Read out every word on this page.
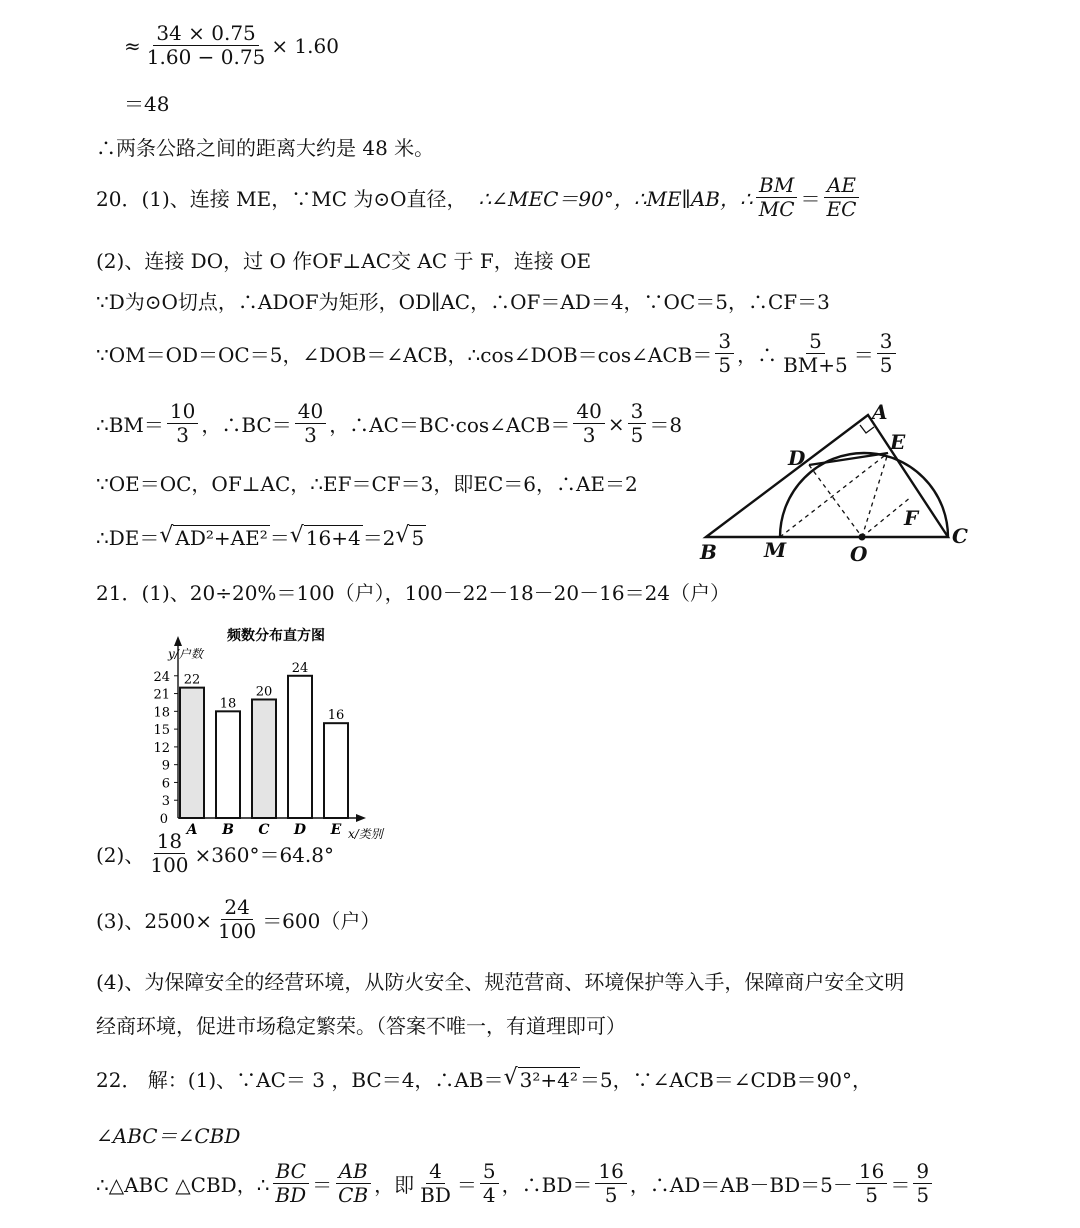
≈ $\frac{34 \times 0.75}{1.60 - 0.75} \times 1.60$
＝48
∴两条公路之间的距离大约是 48 米。
20．(1)、连接 ME，∵MC 为⊙O直径， ∴∠MEC＝90°，∴ME∥AB，∴ $\frac{BM}{MC} = \frac{AE}{EC}$
(2)、连接 DO，过 O 作OF⊥AC交 AC 于 F，连接 OE
∵D为⊙O切点，∴ADOF为矩形，OD∥AC，∴OF＝AD＝4，∵OC＝5，∴CF＝3
∵OM＝OD＝OC＝5，∠DOB＝∠ACB，∴cos∠DOB＝cos∠ACB＝ $\frac{3}{5}$ ，∴ $\frac{5}{BM+5} = \frac{3}{5}$
∴BM＝ $\frac{10}{3}$ ，∴BC＝ $\frac{40}{3}$ ，∴AC＝BC·cos∠ACB＝ $\frac{40}{3} \times \frac{3}{5} =8$
∵OE＝OC，OF⊥AC，∴EF＝CF＝3，即EC＝6，∴AE＝2
∴DE＝ √ AD²+AE² ＝ √ 16+4 ＝2 √ 5
A
B
C
D
E
F
M	O
21．(1)、20÷20%＝100（户），100－22－18－20－16＝24（户）
频数分布直方图
y/户数
x/类别
0
3
6
9
12
15
18
21
24 22
A
18
B
20
C
24
D
16
E
(2)、 $\frac{18}{100} \times 360^\circ=64.8^\circ$
(3)、$2500\times \frac{24}{100} =600$（户）
(4)、为保障安全的经营环境，从防火安全、规范营商、环境保护等入手，保障商户安全文明
经商环境，促进市场稳定繁荣。（答案不唯一，有道理即可）
22． 解：(1)、∵AC＝ 3 ，BC＝4，∴AB＝ √ 3²+4² ＝5，∵∠ACB＝∠CDB＝90°，
∠ABC＝∠CBD
∴△ABC △CBD，∴ $\frac{BC}{BD} = \frac{AB}{CB}$ ，即 $\frac{4}{BD} = \frac{5}{4}$ ，∴BD＝ $\frac{16}{5}$ ，∴AD＝AB－BD＝5－ $\frac{16}{5} = \frac{9}{5}$
